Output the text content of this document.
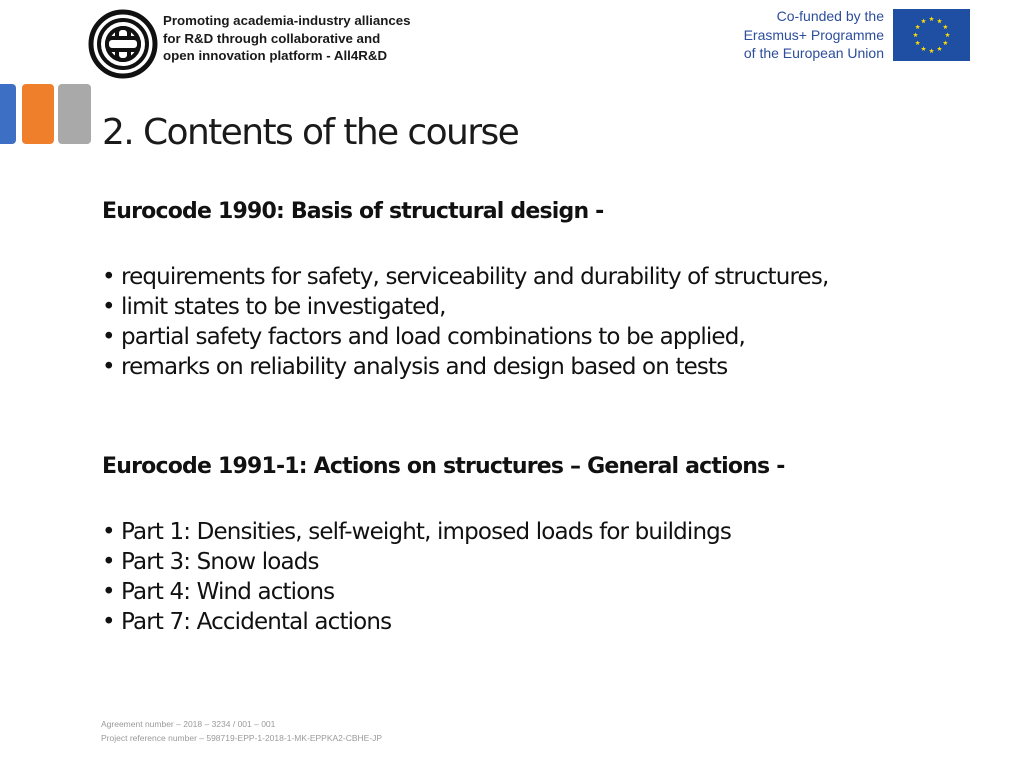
Promoting academia-industry alliances
for R&D through collaborative and
open innovation platform - All4R&D
Co-funded by the
Erasmus+ Programme
of the European Union
2. Contents of the course
Eurocode 1990: Basis of structural design -
• requirements for safety, serviceability and durability of structures,
• limit states to be investigated,
• partial safety factors and load combinations to be applied,
• remarks on reliability analysis and design based on tests
Eurocode 1991-1: Actions on structures – General actions -
• Part 1: Densities, self-weight, imposed loads for buildings
• Part 3: Snow loads
• Part 4: Wind actions
• Part 7: Accidental actions
Agreement number – 2018 – 3234 / 001 – 001
Project reference number – 598719-EPP-1-2018-1-MK-EPPKA2-CBHE-JP
